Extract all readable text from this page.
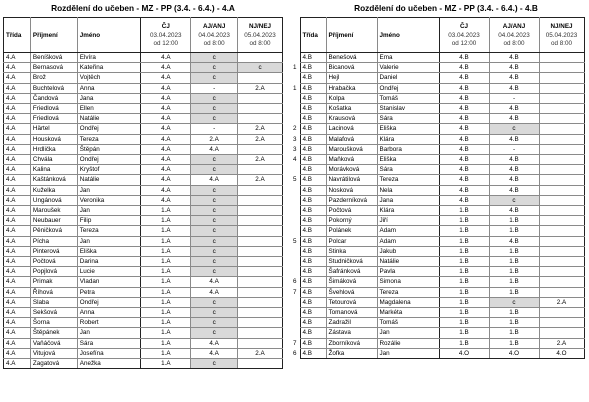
Rozdělení do učeben - MZ - PP (3.4. - 6.4.) - 4.A
Třída	Příjmení	Jméno	ČJ
03.04.2023
od 12:00	AJ/ANJ
04.04.2023
od 8:00	NJ/NEJ
05.04.2023
od 8:00

4.A	Beníšková	Elvíra	4.A	c	
4.A	Bernasová	Kateřina	4.A	c	c
4.A	Brož	Vojtěch	4.A	c	
4.A	Buchtelová	Anna	4.A	-	2.A
4.A	Čandová	Jana	4.A	c	
4.A	Friedlová	Ellen	4.A	c	
4.A	Friedlová	Natálie	4.A	c	
4.A	Härtel	Ondřej	4.A	-	2.A
4.A	Housková	Tereza	4.A	2.A	2.A
4.A	Hrdlička	Štěpán	4.A	4.A	
4.A	Chvála	Ondřej	4.A	c	2.A
4.A	Kalina	Kryštof	4.A	c	
4.A	Kaštánková	Natálie	4.A	4.A	2.A
4.A	Kuželka	Jan	4.A	c	
4.A	Ungánová	Veronika	4.A	c	
4.A	Maroušek	Jan	1.A	c	
4.A	Neubauer	Filip	1.A	c	
4.A	Pěničková	Tereza	1.A	c	
4.A	Pícha	Jan	1.A	c	
4.A	Pinterová	Eliška	1.A	c	
4.A	Počtová	Darina	1.A	c	
4.A	Popjlová	Lucie	1.A	c	
4.A	Primak	Vladan	1.A	4.A	
4.A	Říhová	Petra	1.A	4.A	
4.A	Slaba	Ondřej	1.A	c	
4.A	Sekšová	Anna	1.A	c	
4.A	Šorna	Robert	1.A	c	
4.A	Štěpánek	Jan	1.A	c	
4.A	Vaňáčová	Sára	1.A	4.A	
4.A	Vitujová	Josefína	1.A	4.A	2.A
4.A	Zagatová	Anežka	1.A	c	
Rozdělení do učeben - MZ - PP (3.4. - 6.4.) - 4.B
	Třída	Příjmení	Jméno	ČJ
03.04.2023
od 12:00	AJ/ANJ
04.04.2023
od 8:00	NJ/NEJ
05.04.2023
od 8:00

	4.B	Benešová	Ema	4.B	4.B	
1	4.B	Bicanová	Valerie	4.B	4.B	
	4.B	Hejl	Daniel	4.B	4.B	
1	4.B	Hrabačka	Ondřej	4.B	4.B	
	4.B	Kolpa	Tomáš	4.B	-	
	4.B	Košatka	Stanislav	4.B	4.B	
	4.B	Krausová	Sára	4.B	4.B	
2	4.B	Lacinová	Eliška	4.B	c	
3	4.B	Malafová	Klára	4.B	4.B	
3	4.B	Maroušková	Barbora	4.B	-	
4	4.B	Maňková	Eliška	4.B	4.B	
	4.B	Morávková	Sára	4.B	4.B	
5	4.B	Navrátilová	Tereza	4.B	4.B	
	4.B	Nosková	Nela	4.B	4.B	
	4.B	Pazderníková	Jana	4.B	c	
	4.B	Počtová	Klára	1.B	4.B	
	4.B	Pokorný	Jiří	1.B	1.B	
	4.B	Polánek	Adam	1.B	1.B	
5	4.B	Polcar	Adam	1.B	4.B	
	4.B	Stinka	Jakub	1.B	1.B	
	4.B	Studničková	Natálie	1.B	1.B	
	4.B	Šafránková	Pavla	1.B	1.B	
6	4.B	Šimáková	Simona	1.B	1.B	
7	4.B	Švehlová	Tereza	1.B	1.B	
	4.B	Tetourová	Magdalena	1.B	c	2.A
	4.B	Tomanová	Markéta	1.B	1.B	
	4.B	Zadražil	Tomáš	1.B	1.B	
	4.B	Zástava	Jan	1.B	1.B	
7	4.B	Zborníková	Rozálie	1.B	1.B	2.A
6	4.B	Žofka	Jan	4.O	4.O	4.O
